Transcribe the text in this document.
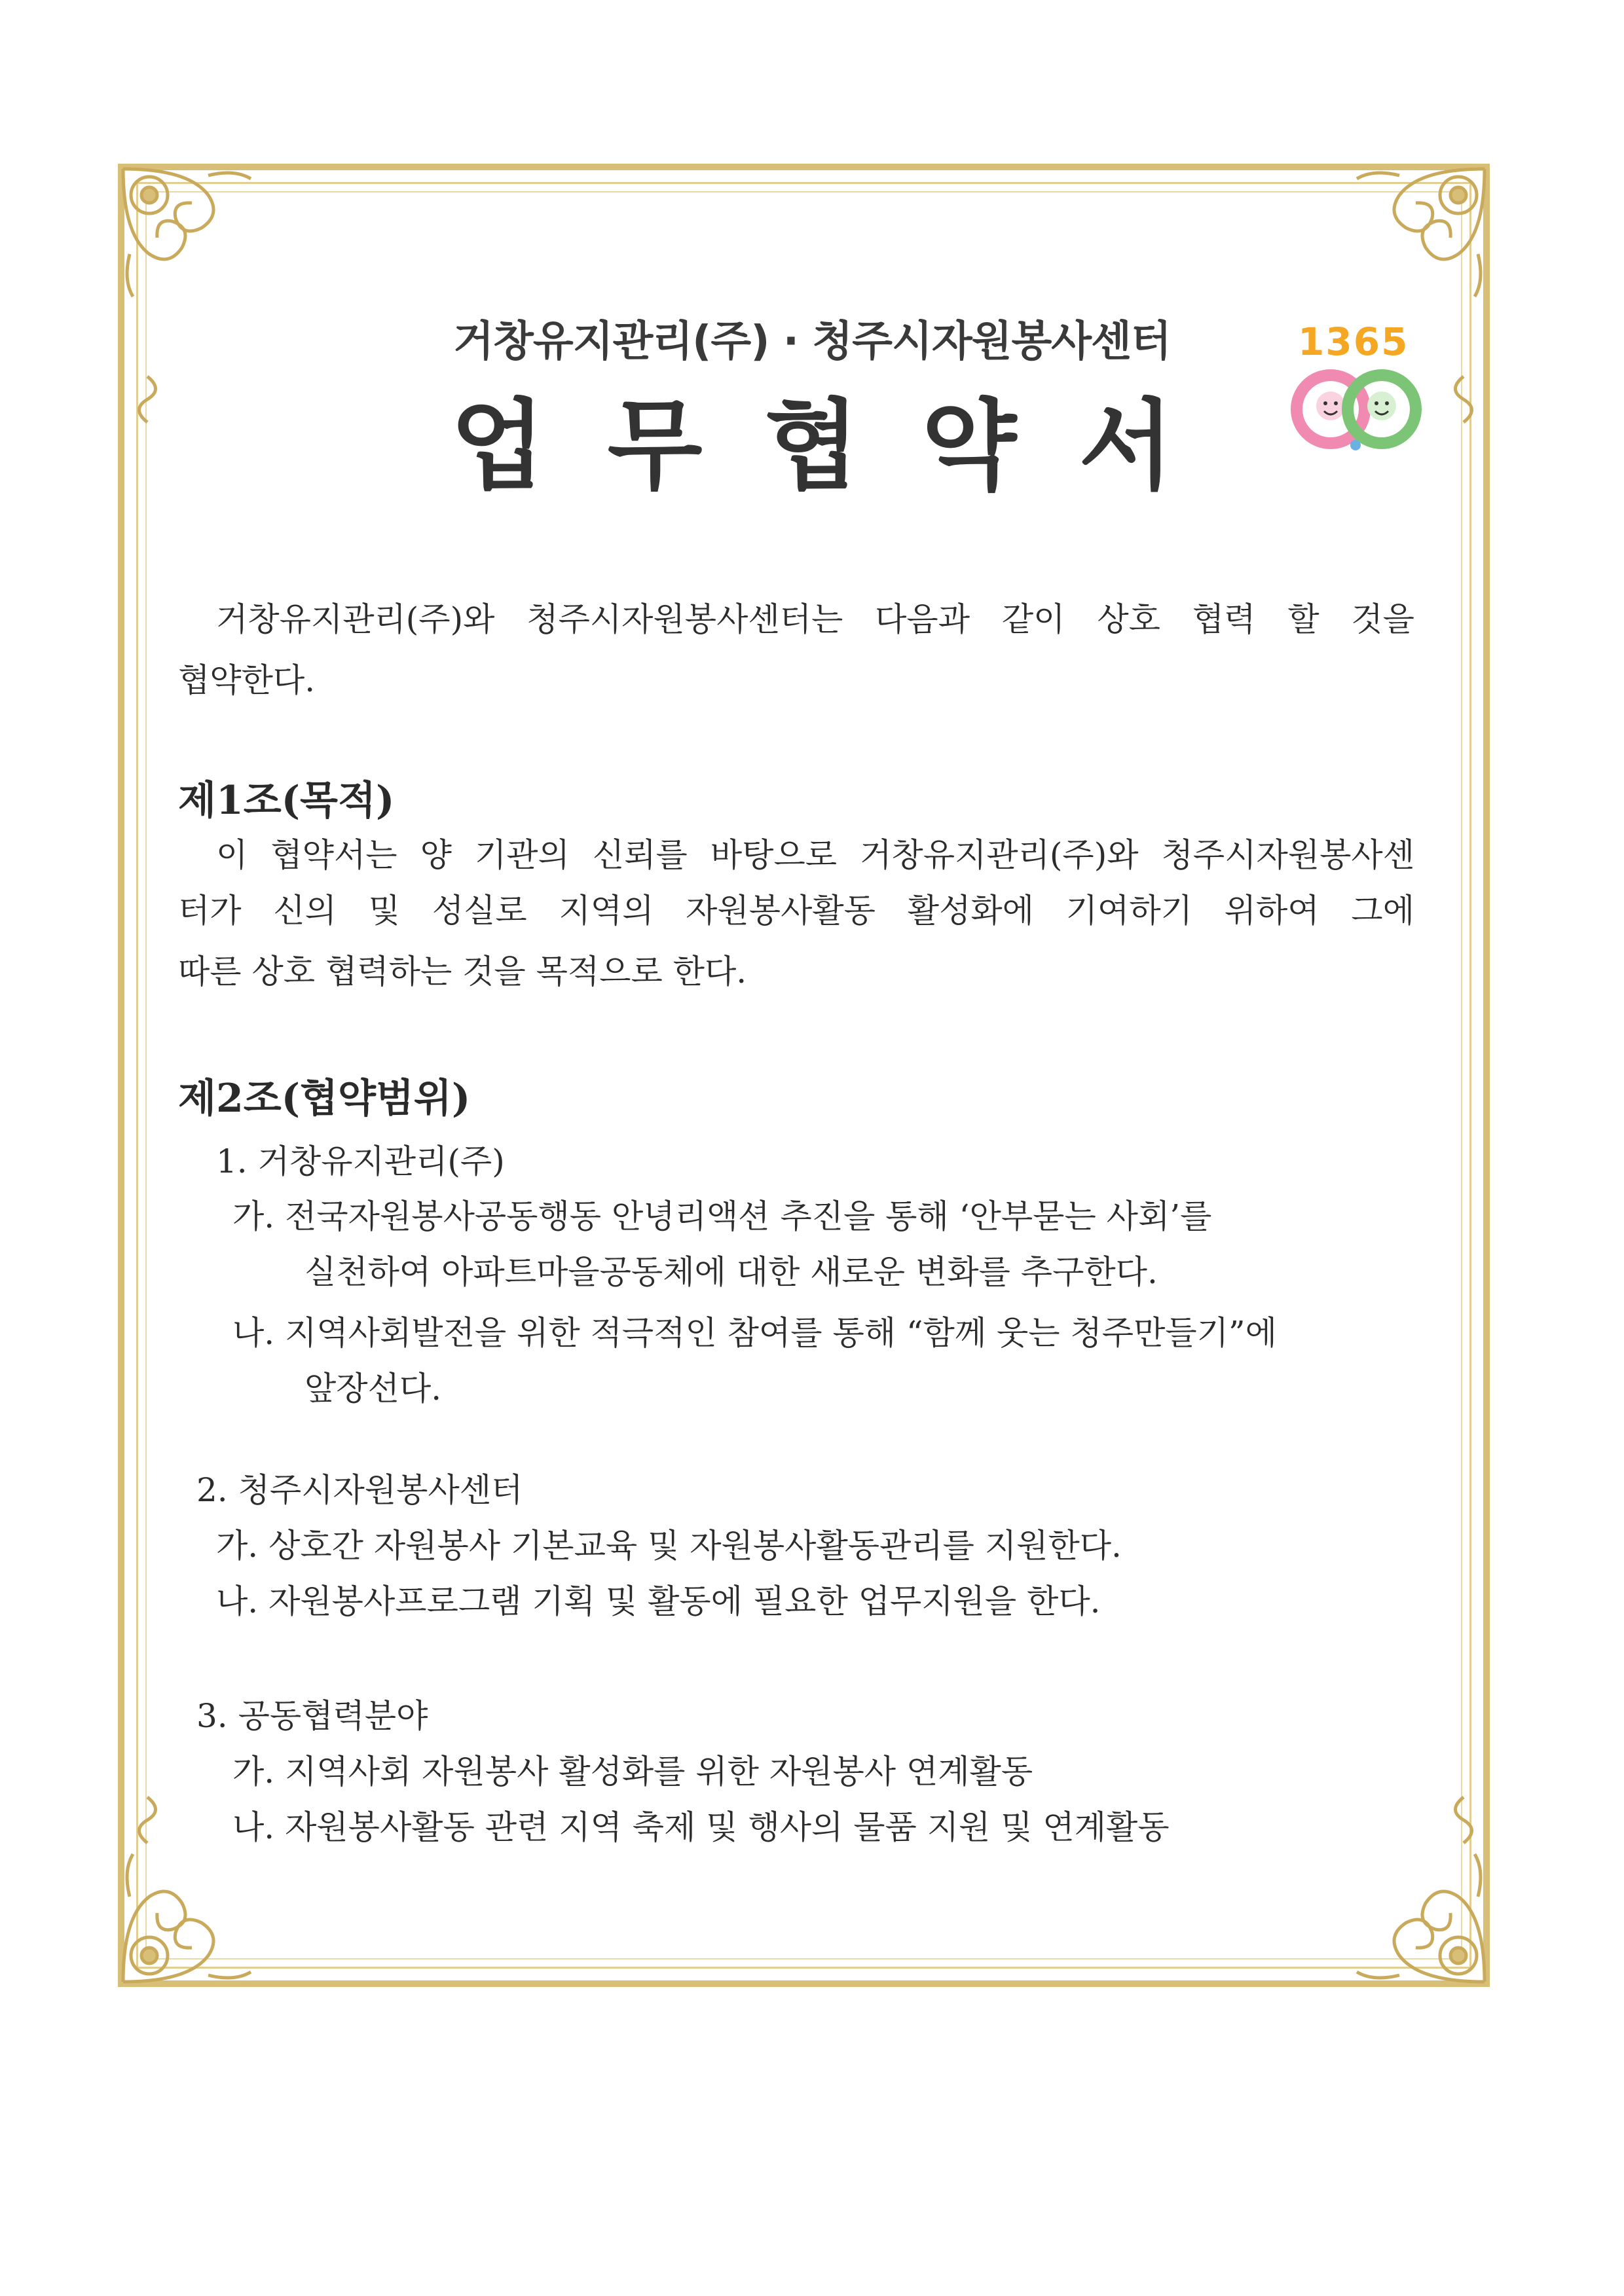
거창유지관리(주) · 청주시자원봉사센터
업무협약서
1365
거창유지관리(주)와 청주시자원봉사센터는 다음과 같이 상호 협력 할 것을
협약한다.
제1조(목적)
이 협약서는 양 기관의 신뢰를 바탕으로 거창유지관리(주)와 청주시자원봉사센
터가 신의 및 성실로 지역의 자원봉사활동 활성화에 기여하기 위하여 그에
따른 상호 협력하는 것을 목적으로 한다.
제2조(협약범위)
1. 거창유지관리(주)
가. 전국자원봉사공동행동 안녕리액션 추진을 통해 ‘안부묻는 사회’를
실천하여 아파트마을공동체에 대한 새로운 변화를 추구한다.
나. 지역사회발전을 위한 적극적인 참여를 통해 “함께 웃는 청주만들기”에
앞장선다.
2. 청주시자원봉사센터
가. 상호간 자원봉사 기본교육 및 자원봉사활동관리를 지원한다.
나. 자원봉사프로그램 기획 및 활동에 필요한 업무지원을 한다.
3. 공동협력분야
가. 지역사회 자원봉사 활성화를 위한 자원봉사 연계활동
나. 자원봉사활동 관련 지역 축제 및 행사의 물품 지원 및 연계활동
